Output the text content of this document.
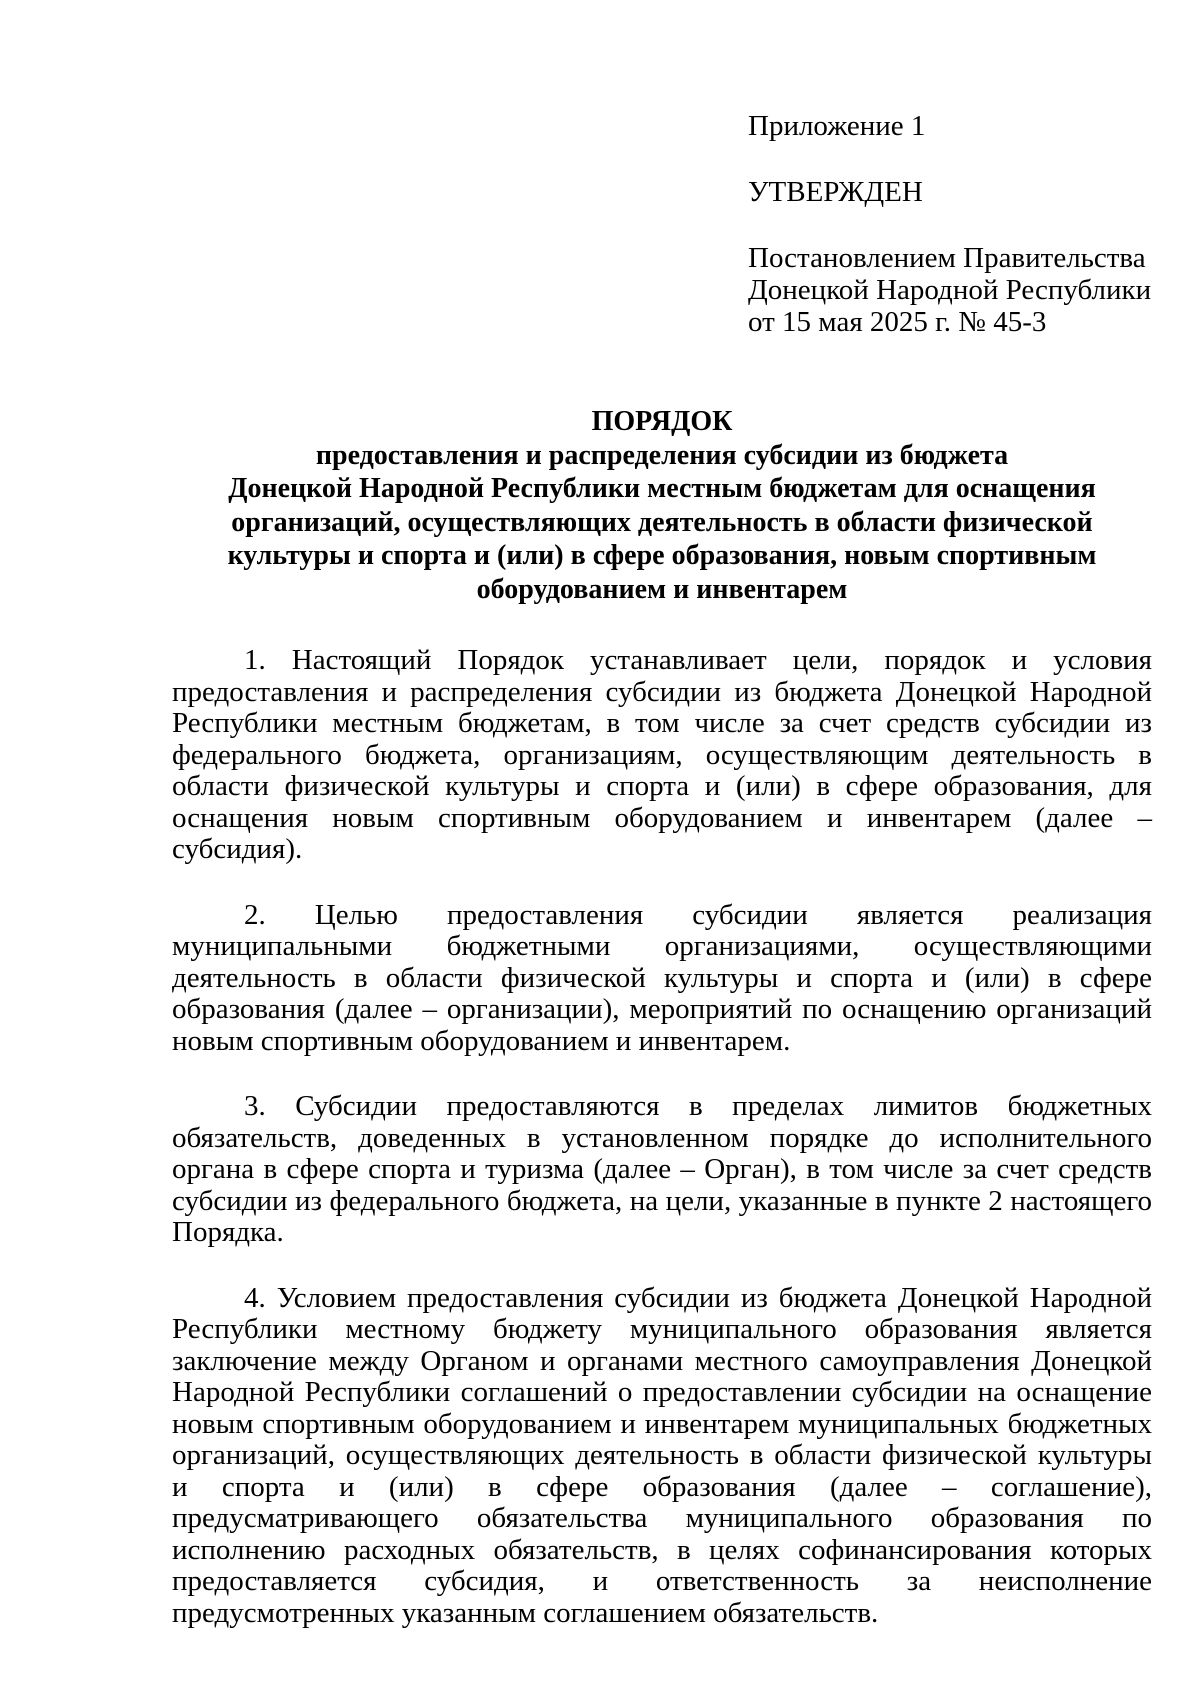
Приложение 1
УТВЕРЖДЕН
Постановлением Правительства
Донецкой Народной Республики
от 15 мая 2025 г. № 45-3
ПОРЯДОК
предоставления и распределения субсидии из бюджета
Донецкой Народной Республики местным бюджетам для оснащения
организаций, осуществляющих деятельность в области физической
культуры и спорта и (или) в сфере образования, новым спортивным
оборудованием и инвентарем

1. Настоящий Порядок устанавливает цели, порядок и условия предоставления и распределения субсидии из бюджета Донецкой Народной Республики местным бюджетам, в том числе за счет средств субсидии из федерального бюджета, организациям, осуществляющим деятельность в области физической культуры и спорта и (или) в сфере образования, для оснащения новым спортивным оборудованием и инвентарем (далее – субсидия).

2. Целью предоставления субсидии является реализация муниципальными бюджетными организациями, осуществляющими деятельность в области физической культуры и спорта и (или) в сфере образования (далее – организации), мероприятий по оснащению организаций новым спортивным оборудованием и инвентарем.

3. Субсидии предоставляются в пределах лимитов бюджетных обязательств, доведенных в установленном порядке до исполнительного органа в сфере спорта и туризма (далее – Орган), в том числе за счет средств субсидии из федерального бюджета, на цели, указанные в пункте 2 настоящего Порядка.

4. Условием предоставления субсидии из бюджета Донецкой Народной Республики местному бюджету муниципального образования является заключение между Органом и органами местного самоуправления Донецкой Народной Республики соглашений о предоставлении субсидии на оснащение новым спортивным оборудованием и инвентарем муниципальных бюджетных организаций, осуществляющих деятельность в области физической культуры и спорта и (или) в сфере образования (далее – соглашение), предусматривающего обязательства муниципального образования по исполнению расходных обязательств, в целях софинансирования которых предоставляется субсидия, и ответственность за неисполнение предусмотренных указанным соглашением обязательств.
